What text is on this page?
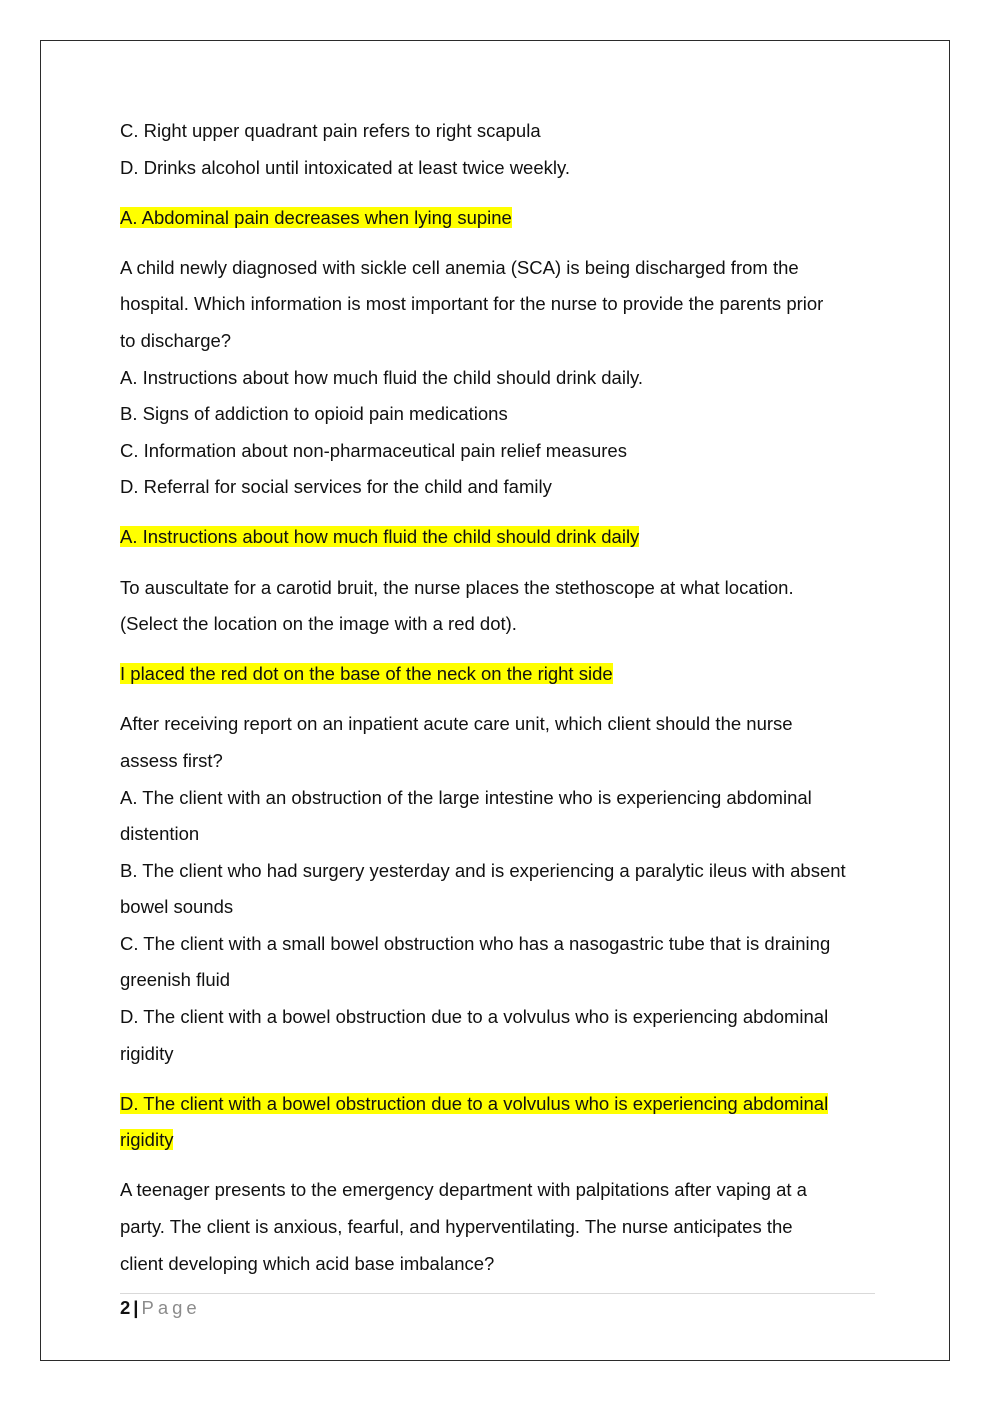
C. Right upper quadrant pain refers to right scapula
D. Drinks alcohol until intoxicated at least twice weekly.
A. Abdominal pain decreases when lying supine
A child newly diagnosed with sickle cell anemia (SCA) is being discharged from the
hospital. Which information is most important for the nurse to provide the parents prior
to discharge?
A. Instructions about how much fluid the child should drink daily.
B. Signs of addiction to opioid pain medications
C. Information about non-pharmaceutical pain relief measures
D. Referral for social services for the child and family
A. Instructions about how much fluid the child should drink daily
To auscultate for a carotid bruit, the nurse places the stethoscope at what location.
(Select the location on the image with a red dot).
I placed the red dot on the base of the neck on the right side
After receiving report on an inpatient acute care unit, which client should the nurse
assess first?
A. The client with an obstruction of the large intestine who is experiencing abdominal
distention
B. The client who had surgery yesterday and is experiencing a paralytic ileus with absent
bowel sounds
C. The client with a small bowel obstruction who has a nasogastric tube that is draining
greenish fluid
D. The client with a bowel obstruction due to a volvulus who is experiencing abdominal
rigidity
D. The client with a bowel obstruction due to a volvulus who is experiencing abdominal
rigidity
A teenager presents to the emergency department with palpitations after vaping at a
party. The client is anxious, fearful, and hyperventilating. The nurse anticipates the
client developing which acid base imbalance?
2 | Page
